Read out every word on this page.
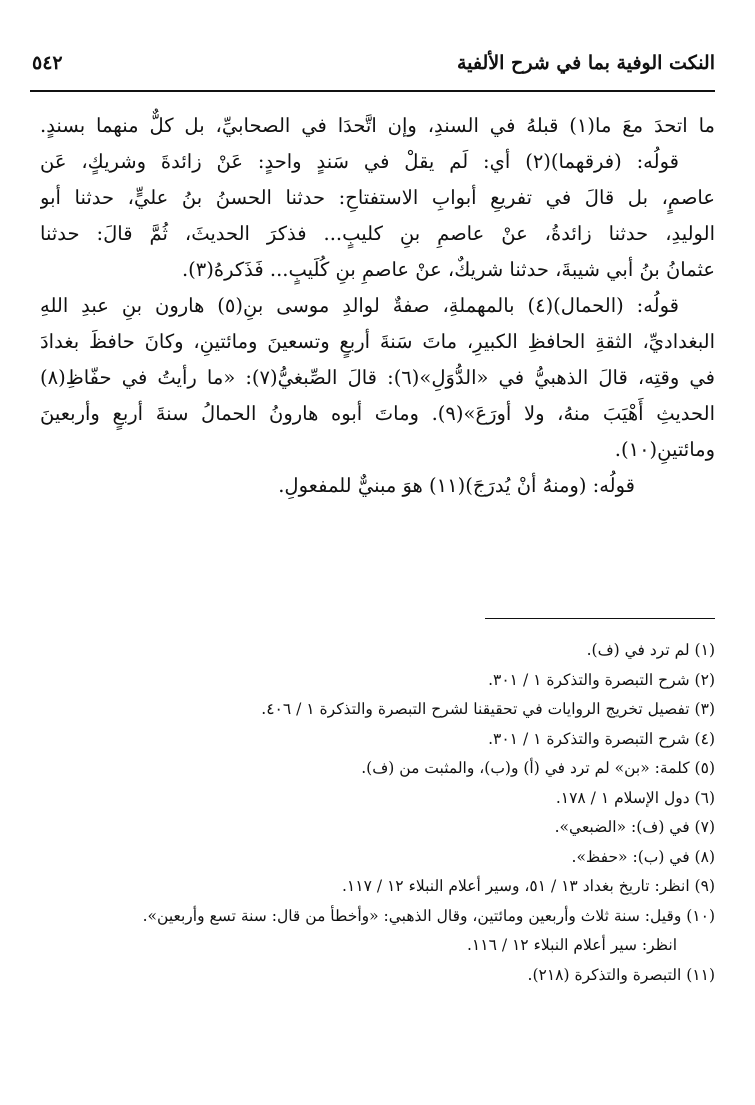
النكت الوفية بما في شرح الألفية
٥٤٢
ما اتحدَ معَ ما(١) قبلهُ في السندِ، وإن اتَّحدَا في الصحابيِّ، بل كلٌّ منهما بسندٍ.
قولُه: (فرقهما)(٢) أي: لَم يقلْ في سَندٍ واحدٍ: عَنْ زائدةَ وشريكٍ، عَن
عاصمٍ، بل قالَ في تفريعِ أبوابِ الاستفتاحِ: حدثنا الحسنُ بنُ عليٍّ، حدثنا أبو
الوليدِ، حدثنا زائدةُ، عنْ عاصمِ بنِ كليبٍ... فذكرَ الحديثَ، ثُمَّ قالَ: حدثنا
عثمانُ بنُ أبي شيبةَ، حدثنا شريكٌ، عنْ عاصمِ بنِ كُلَيبٍ... فَذَكرهُ(٣).
قولُه: (الحمال)(٤) بالمهملةِ، صفةٌ لوالدِ موسى بنِ(٥) هارون بنِ عبدِ اللهِ
البغداديِّ، الثقةِ الحافظِ الكبيرِ، ماتَ سَنةَ أربعٍ وتسعينَ ومائتينِ، وكانَ حافظَ بغدادَ
في وقتِه، قالَ الذهبيُّ في «الدُّوَلِ»(٦): قالَ الصِّبغيُّ(٧): «ما رأيتُ في حفّاظِ(٨)
الحديثِ أَهْيَبَ منهُ، ولا أورَعَ»(٩). وماتَ أبوه هارونُ الحمالُ سنةَ أربعٍ وأربعينَ
ومائتينِ(١٠).
قولُه: (ومنهُ أنْ يُدرَجَ)(١١) هوَ مبنيٌّ للمفعولِ.
(١) لم ترد في (ف).
(٢) شرح التبصرة والتذكرة ١ / ٣٠١.
(٣) تفصيل تخريج الروايات في تحقيقنا لشرح التبصرة والتذكرة ١ / ٤٠٦.
(٤) شرح التبصرة والتذكرة ١ / ٣٠١.
(٥) كلمة: «بن» لم ترد في (أ) و(ب)، والمثبت من (ف).
(٦) دول الإسلام ١ / ١٧٨.
(٧) في (ف): «الضبعي».
(٨) في (ب): «حفظ».
(٩) انظر: تاريخ بغداد ١٣ / ٥١، وسير أعلام النبلاء ١٢ / ١١٧.
(١٠) وقيل: سنة ثلاث وأربعين ومائتين، وقال الذهبي: «وأخطأ من قال: سنة تسع وأربعين».
انظر: سير أعلام النبلاء ١٢ / ١١٦.
(١١) التبصرة والتذكرة (٢١٨).
